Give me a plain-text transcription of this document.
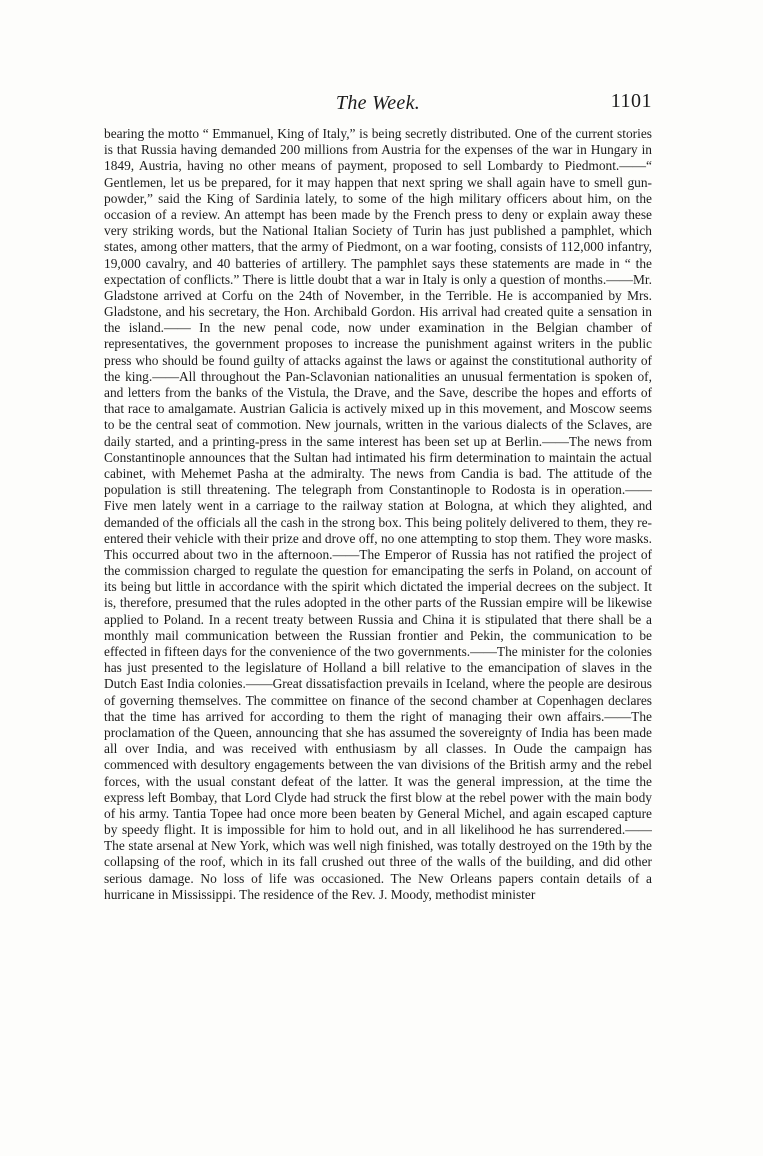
The Week.	1101

bearing the motto “ Emmanuel, King of Italy,” is being secretly distributed. One of the current stories is that Russia having demanded 200 millions from Austria for the expenses of the war in Hungary in 1849, Austria, having no other means of payment, proposed to sell Lombardy to Piedmont.——“ Gentlemen, let us be prepared, for it may happen that next spring we shall again have to smell gun-powder,” said the King of Sardinia lately, to some of the high military officers about him, on the occasion of a review. An attempt has been made by the French press to deny or explain away these very striking words, but the National Italian Society of Turin has just published a pamphlet, which states, among other matters, that the army of Piedmont, on a war footing, consists of 112,000 infantry, 19,000 cavalry, and 40 batteries of artillery. The pamphlet says these statements are made in “ the expectation of conflicts.” There is little doubt that a war in Italy is only a question of months.——Mr. Gladstone arrived at Corfu on the 24th of November, in the Terrible. He is accompanied by Mrs. Gladstone, and his secretary, the Hon. Archibald Gordon. His arrival had created quite a sensation in the island.—— In the new penal code, now under examination in the Belgian chamber of representatives, the government proposes to increase the punishment against writers in the public press who should be found guilty of attacks against the laws or against the constitutional authority of the king.——All throughout the Pan-Sclavonian nationalities an unusual fermentation is spoken of, and letters from the banks of the Vistula, the Drave, and the Save, describe the hopes and efforts of that race to amalgamate. Austrian Galicia is actively mixed up in this movement, and Moscow seems to be the central seat of commotion. New journals, written in the various dialects of the Sclaves, are daily started, and a printing-press in the same interest has been set up at Berlin.——The news from Constantinople announces that the Sultan had intimated his firm determination to maintain the actual cabinet, with Mehemet Pasha at the admiralty. The news from Candia is bad. The attitude of the population is still threatening. The telegraph from Constantinople to Rodosta is in operation.—— Five men lately went in a carriage to the railway station at Bologna, at which they alighted, and demanded of the officials all the cash in the strong box. This being politely delivered to them, they re-entered their vehicle with their prize and drove off, no one attempting to stop them. They wore masks. This occurred about two in the afternoon.——The Emperor of Russia has not ratified the project of the commission charged to regulate the question for emancipating the serfs in Poland, on account of its being but little in accordance with the spirit which dictated the imperial decrees on the subject. It is, therefore, presumed that the rules adopted in the other parts of the Russian empire will be likewise applied to Poland. In a recent treaty between Russia and China it is stipulated that there shall be a monthly mail communication between the Russian frontier and Pekin, the communication to be effected in fifteen days for the convenience of the two governments.——The minister for the colonies has just presented to the legislature of Holland a bill relative to the emancipation of slaves in the Dutch East India colonies.——Great dissatisfaction prevails in Iceland, where the people are desirous of governing themselves. The committee on finance of the second chamber at Copenhagen declares that the time has arrived for according to them the right of managing their own affairs.——The proclamation of the Queen, announcing that she has assumed the sovereignty of India has been made all over India, and was received with enthusiasm by all classes. In Oude the campaign has commenced with desultory engagements between the van divisions of the British army and the rebel forces, with the usual constant defeat of the latter. It was the general impression, at the time the express left Bombay, that Lord Clyde had struck the first blow at the rebel power with the main body of his army. Tantia Topee had once more been beaten by General Michel, and again escaped capture by speedy flight. It is impossible for him to hold out, and in all likelihood he has surrendered.——The state arsenal at New York, which was well nigh finished, was totally destroyed on the 19th by the collapsing of the roof, which in its fall crushed out three of the walls of the building, and did other serious damage. No loss of life was occasioned. The New Orleans papers contain details of a hurricane in Mississippi. The residence of the Rev. J. Moody, methodist minister
